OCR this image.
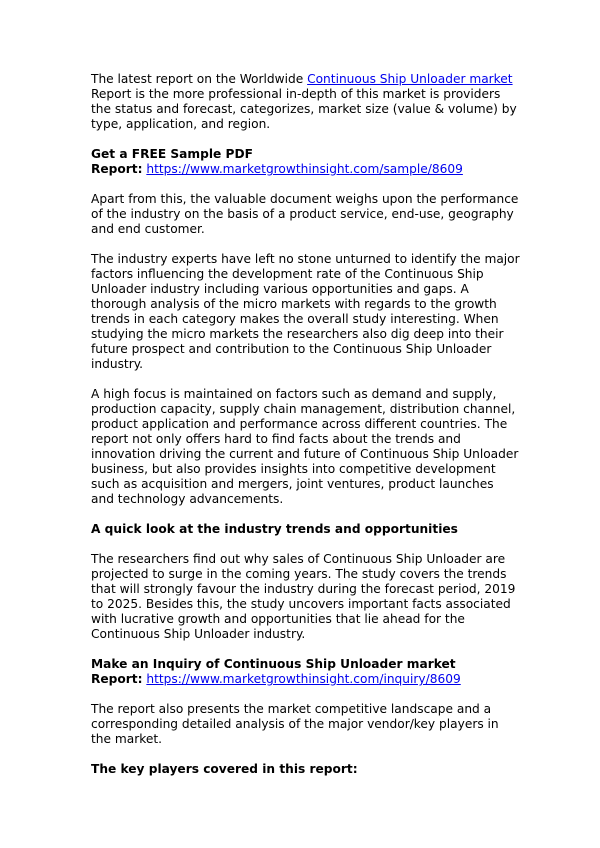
The latest report on the Worldwide Continuous Ship Unloader market Report is the more professional in-depth of this market is providers the status and forecast, categorizes, market size (value & volume) by type, application, and region.

Get a FREE Sample PDF
Report: https://www.marketgrowthinsight.com/sample/8609

Apart from this, the valuable document weighs upon the performance of the industry on the basis of a product service, end-use, geography and end customer.

The industry experts have left no stone unturned to identify the major factors influencing the development rate of the Continuous Ship Unloader industry including various opportunities and gaps. A thorough analysis of the micro markets with regards to the growth trends in each category makes the overall study interesting. When studying the micro markets the researchers also dig deep into their future prospect and contribution to the Continuous Ship Unloader industry.

A high focus is maintained on factors such as demand and supply, production capacity, supply chain management, distribution channel, product application and performance across different countries. The report not only offers hard to find facts about the trends and innovation driving the current and future of Continuous Ship Unloader business, but also provides insights into competitive development such as acquisition and mergers, joint ventures, product launches and technology advancements.

A quick look at the industry trends and opportunities

The researchers find out why sales of Continuous Ship Unloader are projected to surge in the coming years. The study covers the trends that will strongly favour the industry during the forecast period, 2019 to 2025. Besides this, the study uncovers important facts associated with lucrative growth and opportunities that lie ahead for the Continuous Ship Unloader industry.

Make an Inquiry of Continuous Ship Unloader market
Report: https://www.marketgrowthinsight.com/inquiry/8609

The report also presents the market competitive landscape and a corresponding detailed analysis of the major vendor/key players in the market.

The key players covered in this report:
